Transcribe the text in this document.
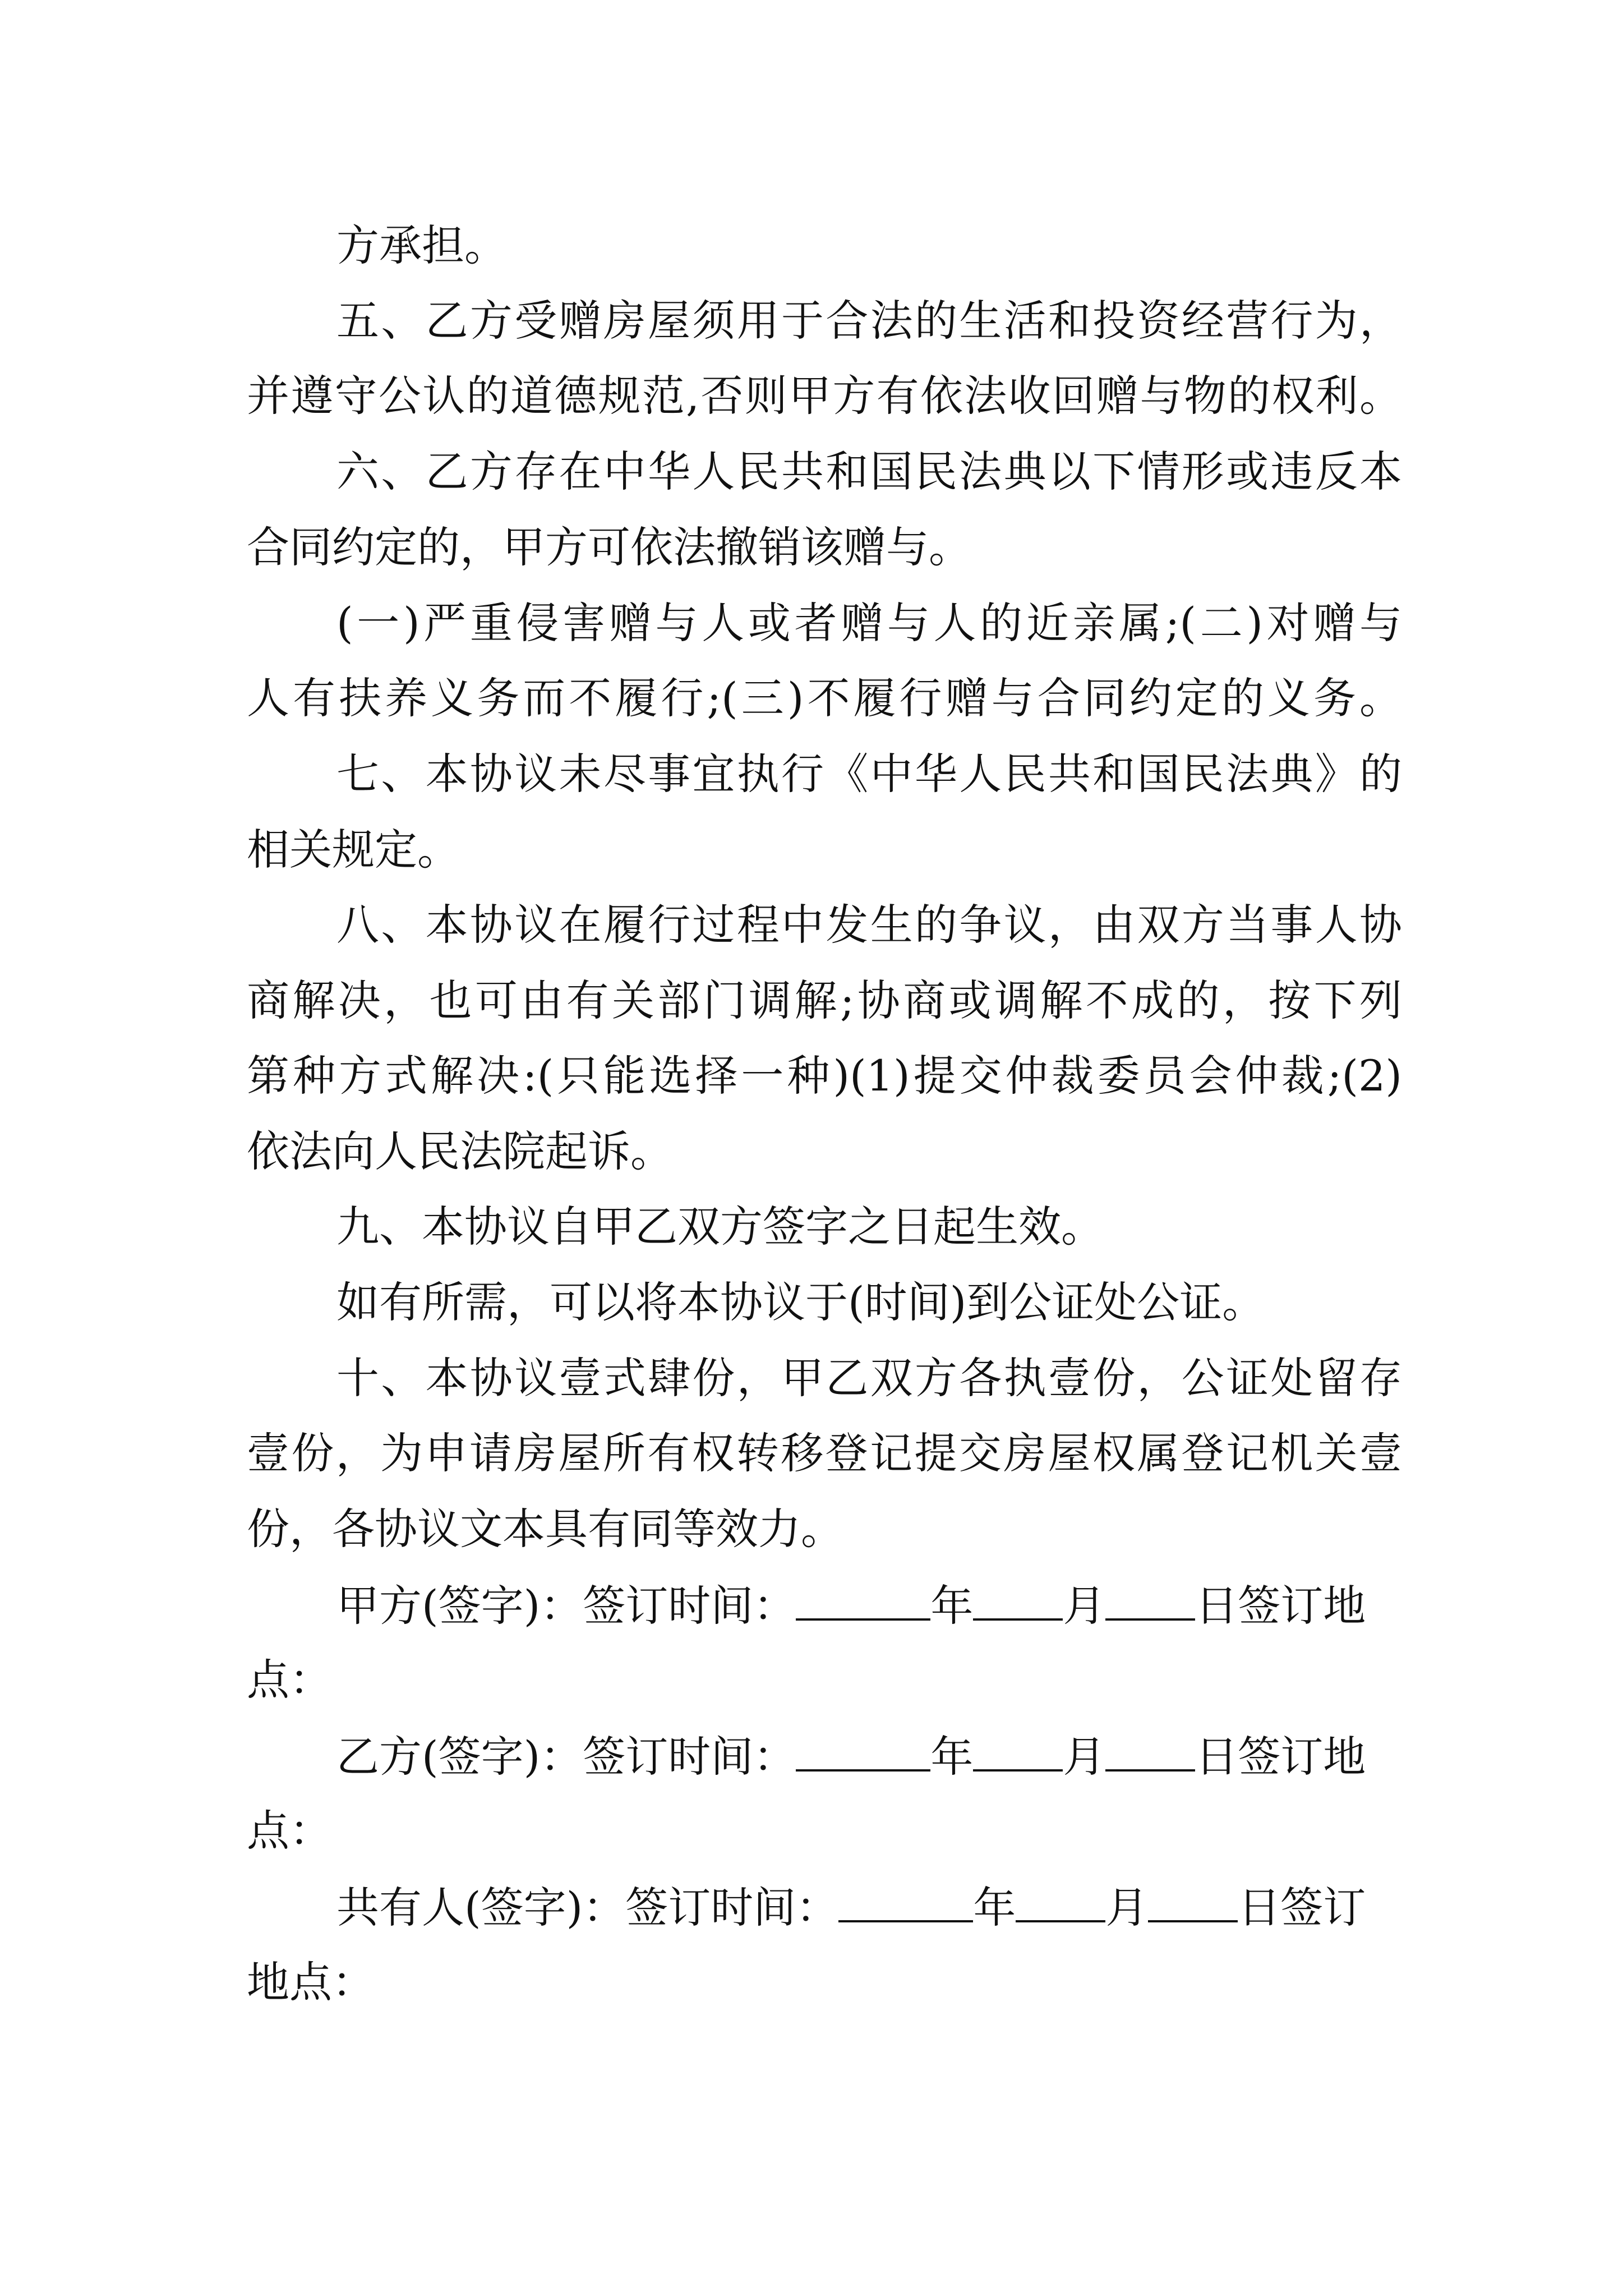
方承担。
五、乙方受赠房屋须用于合法的生活和投资经营行为，
并遵守公认的道德规范,否则甲方有依法收回赠与物的权利。
六、乙方存在中华人民共和国民法典以下情形或违反本
合同约定的，甲方可依法撤销该赠与。
(一)严重侵害赠与人或者赠与人的近亲属;(二)对赠与
人有扶养义务而不履行;(三)不履行赠与合同约定的义务。
七、本协议未尽事宜执行《中华人民共和国民法典》的
相关规定。
八、本协议在履行过程中发生的争议，由双方当事人协
商解决，也可由有关部门调解;协商或调解不成的，按下列
第种方式解决:(只能选择一种)(1)提交仲裁委员会仲裁;(2)
依法向人民法院起诉。
九、本协议自甲乙双方签字之日起生效。
如有所需，可以将本协议于(时间)到公证处公证。
十、本协议壹式肆份，甲乙双方各执壹份，公证处留存
壹份，为申请房屋所有权转移登记提交房屋权属登记机关壹
份，各协议文本具有同等效力。
甲方(签字)：签订时间：	年 月 日签订地
点：
乙方(签字)：签订时间：	年 月 日签订地
点：
共有人(签字)：签订时间：	年 月 日签订
地点：
